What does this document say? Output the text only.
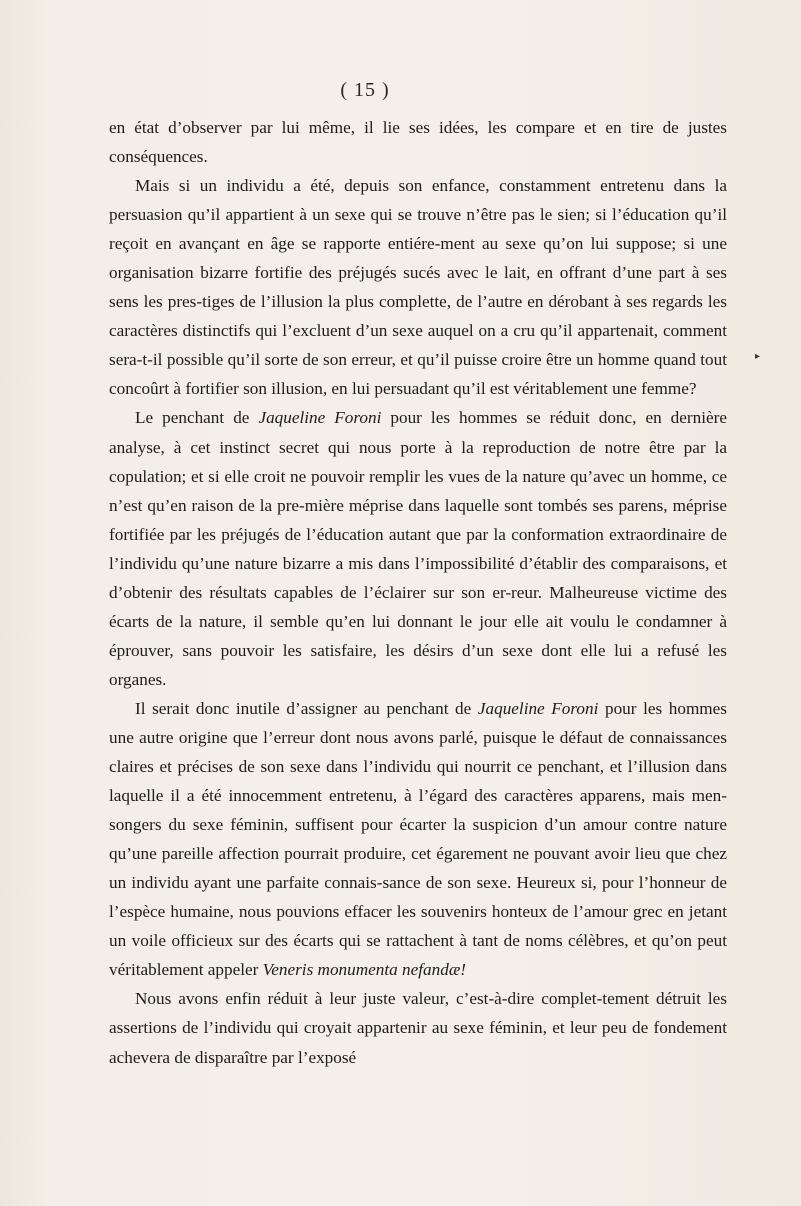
( 15 )

en état d’observer par lui même, il lie ses idées, les compare et en tire de justes conséquences.

Mais si un individu a été, depuis son enfance, constamment entretenu dans la persuasion qu’il appartient à un sexe qui se trouve n’être pas le sien; si l’éducation qu’il reçoit en avançant en âge se rapporte entiére-ment au sexe qu’on lui suppose; si une organisation bizarre fortifie des préjugés sucés avec le lait, en offrant d’une part à ses sens les pres-tiges de l’illusion la plus complette, de l’autre en dérobant à ses regards les caractères distinctifs qui l’excluent d’un sexe auquel on a cru qu’il appartenait, comment sera-t-il possible qu’il sorte de son erreur, et qu’il puisse croire être un homme quand tout concoûrt à fortifier son illusion, en lui persuadant qu’il est véritablement une femme?

Le penchant de Jaqueline Foroni pour les hommes se réduit donc, en dernière analyse, à cet instinct secret qui nous porte à la reproduction de notre être par la copulation; et si elle croit ne pouvoir remplir les vues de la nature qu’avec un homme, ce n’est qu’en raison de la pre-mière méprise dans laquelle sont tombés ses parens, méprise fortifiée par les préjugés de l’éducation autant que par la conformation extraordinaire de l’individu qu’une nature bizarre a mis dans l’impossibilité d’établir des comparaisons, et d’obtenir des résultats capables de l’éclairer sur son er-reur. Malheureuse victime des écarts de la nature, il semble qu’en lui donnant le jour elle ait voulu le condamner à éprouver, sans pouvoir les satisfaire, les désirs d’un sexe dont elle lui a refusé les organes.

Il serait donc inutile d’assigner au penchant de Jaqueline Foroni pour les hommes une autre origine que l’erreur dont nous avons parlé, puisque le défaut de connaissances claires et précises de son sexe dans l’individu qui nourrit ce penchant, et l’illusion dans laquelle il a été innocemment entretenu, à l’égard des caractères apparens, mais men-songers du sexe féminin, suffisent pour écarter la suspicion d’un amour contre nature qu’une pareille affection pourrait produire, cet égarement ne pouvant avoir lieu que chez un individu ayant une parfaite connais-sance de son sexe. Heureux si, pour l’honneur de l’espèce humaine, nous pouvions effacer les souvenirs honteux de l’amour grec en jetant un voile officieux sur des écarts qui se rattachent à tant de noms célèbres, et qu’on peut véritablement appeler Veneris monumenta nefandæ!

Nous avons enfin réduit à leur juste valeur, c’est-à-dire complet-tement détruit les assertions de l’individu qui croyait appartenir au sexe féminin, et leur peu de fondement achevera de disparaître par l’exposé

▸
